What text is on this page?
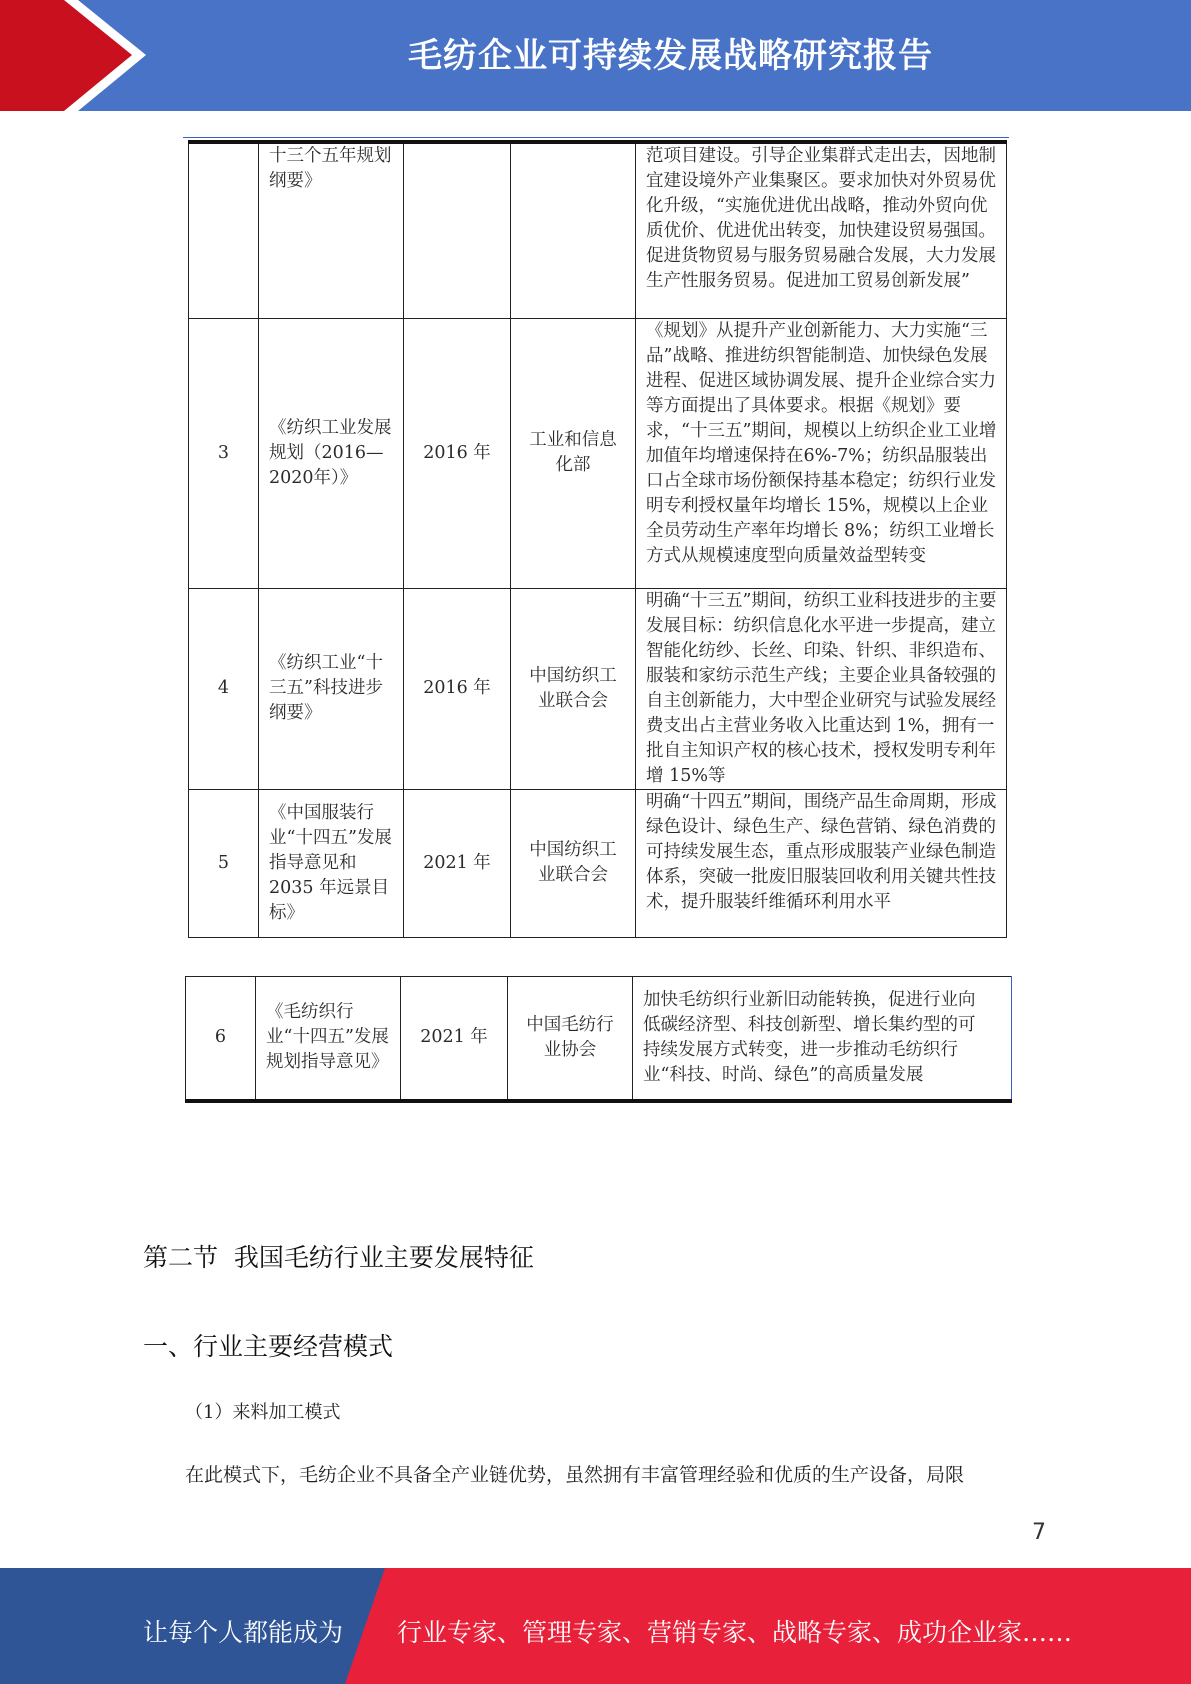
毛纺企业可持续发展战略研究报告
	十三个五年规划纲要》			范项目建设。引导企业集群式走出去，因地制宜建设境外产业集聚区。要求加快对外贸易优化升级，“实施优进优出战略，推动外贸向优质优价、优进优出转变，加快建设贸易强国。促进货物贸易与服务贸易融合发展，大力发展生产性服务贸易。促进加工贸易创新发展”
3	《纺织工业发展规划（2016—2020年）》	2016 年	工业和信息化部	《规划》从提升产业创新能力、大力实施“三品”战略、推进纺织智能制造、加快绿色发展进程、促进区域协调发展、提升企业综合实力等方面提出了具体要求。根据《规划》要求，“十三五”期间，规模以上纺织企业工业增加值年均增速保持在6%-7%；纺织品服装出口占全球市场份额保持基本稳定；纺织行业发明专利授权量年均增长 15%，规模以上企业全员劳动生产率年均增长 8%；纺织工业增长方式从规模速度型向质量效益型转变
4	《纺织工业“十三五”科技进步纲要》	2016 年	中国纺织工业联合会	明确“十三五”期间，纺织工业科技进步的主要发展目标：纺织信息化水平进一步提高，建立智能化纺纱、长丝、印染、针织、非织造布、服装和家纺示范生产线；主要企业具备较强的自主创新能力，大中型企业研究与试验发展经费支出占主营业务收入比重达到 1%，拥有一批自主知识产权的核心技术，授权发明专利年增 15%等
5	《中国服装行业“十四五”发展指导意见和 2035 年远景目标》	2021 年	中国纺织工业联合会	明确“十四五”期间，围绕产品生命周期，形成绿色设计、绿色生产、绿色营销、绿色消费的可持续发展生态，重点形成服装产业绿色制造体系，突破一批废旧服装回收利用关键共性技术，提升服装纤维循环利用水平
6	《毛纺织行业“十四五”发展规划指导意见》	2021 年	中国毛纺行业协会	加快毛纺织行业新旧动能转换，促进行业向低碳经济型、科技创新型、增长集约型的可持续发展方式转变，进一步推动毛纺织行业“科技、时尚、绿色”的高质量发展
第二节  我国毛纺行业主要发展特征
一、行业主要经营模式
（1）来料加工模式
在此模式下，毛纺企业不具备全产业链优势，虽然拥有丰富管理经验和优质的生产设备，局限
7
让每个人都能成为 行业专家、管理专家、营销专家、战略专家、成功企业家……
